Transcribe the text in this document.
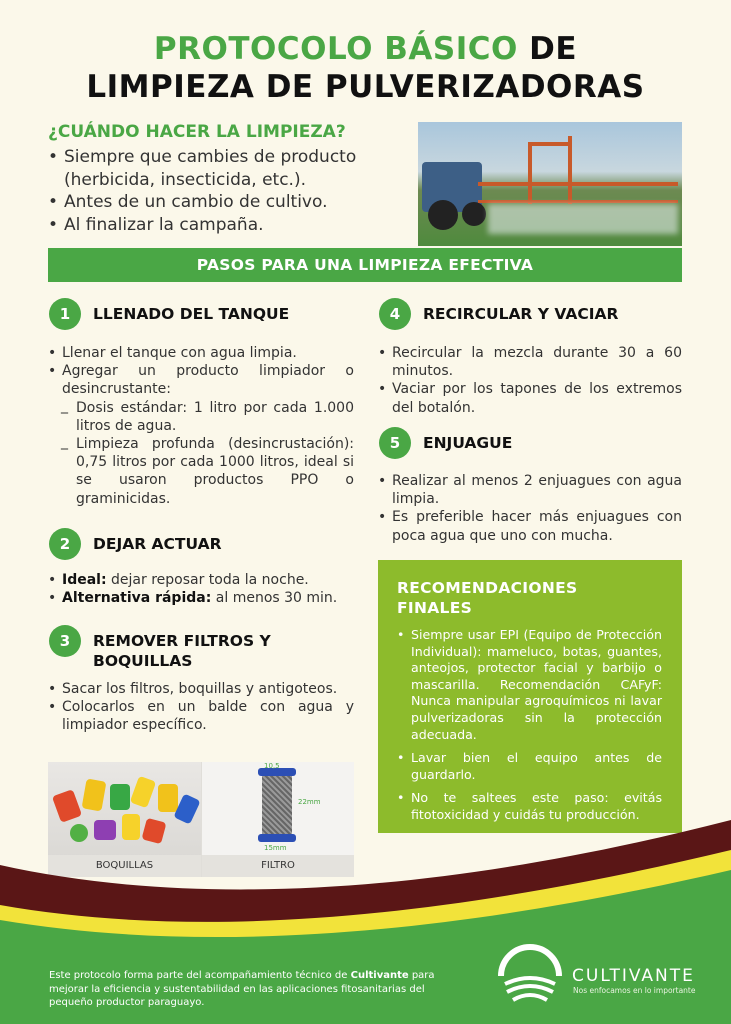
PROTOCOLO BÁSICO DE
LIMPIEZA DE PULVERIZADORAS
¿CUÁNDO HACER LA LIMPIEZA?
• Siempre que cambies de producto (herbicida, insecticida, etc.).
• Antes de un cambio de cultivo.
• Al finalizar la campaña.
PASOS PARA UNA LIMPIEZA EFECTIVA
1	LLENADO DEL TANQUE
• Llenar el tanque con agua limpia.
• Agregar un producto limpiador o desincrustante:
_ Dosis estándar: 1 litro por cada 1.000 litros de agua.
_ Limpieza profunda (desincrustación): 0,75 litros por cada 1000 litros, ideal si se usaron productos PPO o graminicidas.
2	DEJAR ACTUAR
• Ideal: dejar reposar toda la noche.
• Alternativa rápida: al menos 30 min.
3	REMOVER FILTROS Y
BOQUILLAS
• Sacar los filtros, boquillas y antigoteos.
• Colocarlos en un balde con agua y limpiador específico.
4	RECIRCULAR Y VACIAR
• Recircular la mezcla durante 30 a 60 minutos.
• Vaciar por los tapones de los extremos del botalón.
5	ENJUAGUE
• Realizar al menos 2 enjuagues con agua limpia.
• Es preferible hacer más enjuagues con poca agua que uno con mucha.
RECOMENDACIONES
FINALES
• Siempre usar EPI (Equipo de Protección Individual): mameluco, botas, guantes, anteojos, protector facial y barbijo o mascarilla. Recomendación CAFyF: Nunca manipular agroquímicos ni lavar pulverizadoras sin la protección adecuada.
• Lavar bien el equipo antes de guardarlo.
• No te saltees este paso: evitás fitotoxicidad y cuidás tu producción.
BOQUILLAS
10,5
22mm
15mm
FILTRO
Este protocolo forma parte del acompañamiento técnico de Cultivante para mejorar la eficiencia y sustentabilidad en las aplicaciones fitosanitarias del pequeño productor paraguayo.
CULTIVANTE
Nos enfocamos en lo importante
